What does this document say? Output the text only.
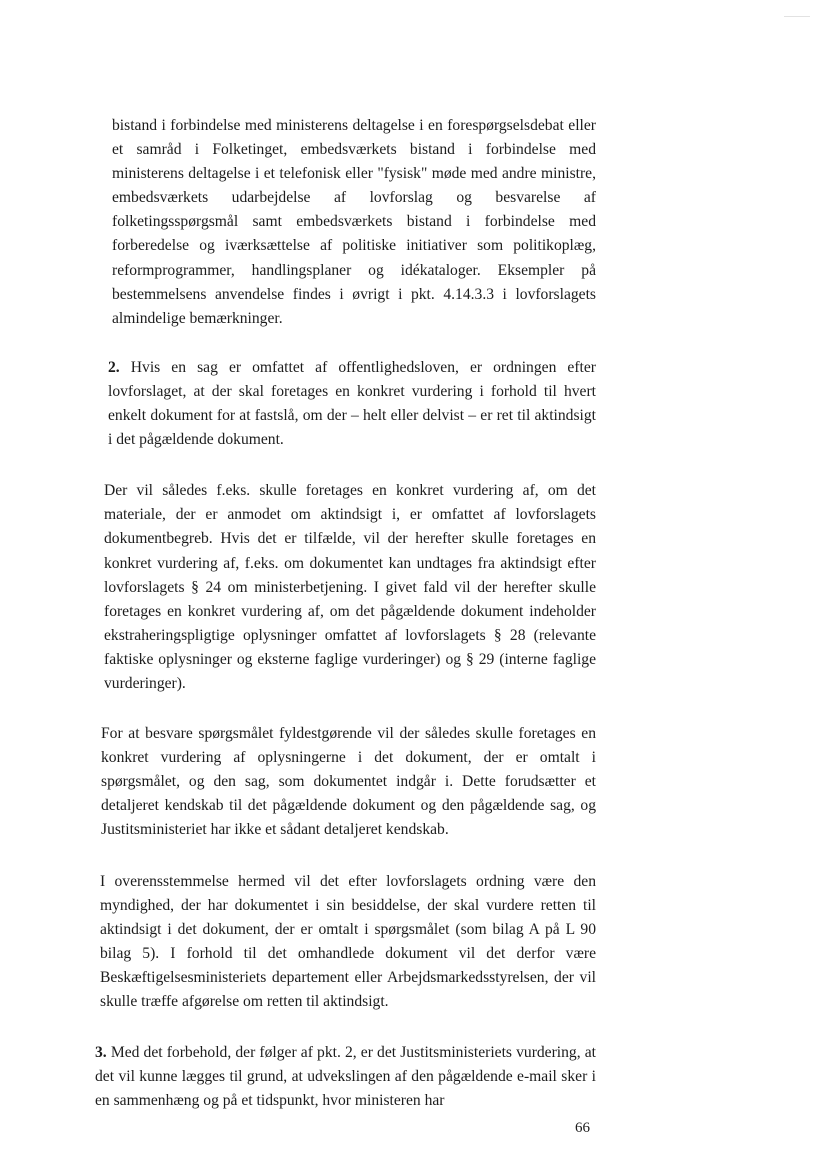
bistand i forbindelse med ministerens deltagelse i en forespørgselsdebat eller et samråd i Folketinget, embedsværkets bistand i forbindelse med ministerens deltagelse i et telefonisk eller "fysisk" møde med andre ministre, embedsværkets udarbejdelse af lovforslag og besvarelse af folketingsspørgsmål samt embedsværkets bistand i forbindelse med forberedelse og iværksættelse af politiske initiativer som politikoplæg, reformprogrammer, handlingsplaner og idékataloger. Eksempler på bestemmelsens anvendelse findes i øvrigt i pkt. 4.14.3.3 i lovforslagets almindelige bemærkninger.

2. Hvis en sag er omfattet af offentlighedsloven, er ordningen efter lovforslaget, at der skal foretages en konkret vurdering i forhold til hvert enkelt dokument for at fastslå, om der – helt eller delvist – er ret til aktindsigt i det pågældende dokument.

Der vil således f.eks. skulle foretages en konkret vurdering af, om det materiale, der er anmodet om aktindsigt i, er omfattet af lovforslagets dokumentbegreb. Hvis det er tilfælde, vil der herefter skulle foretages en konkret vurdering af, f.eks. om dokumentet kan undtages fra aktindsigt efter lovforslagets § 24 om ministerbetjening. I givet fald vil der herefter skulle foretages en konkret vurdering af, om det pågældende dokument indeholder ekstraheringspligtige oplysninger omfattet af lovforslagets § 28 (relevante faktiske oplysninger og eksterne faglige vurderinger) og § 29 (interne faglige vurderinger).

For at besvare spørgsmålet fyldestgørende vil der således skulle foretages en konkret vurdering af oplysningerne i det dokument, der er omtalt i spørgsmålet, og den sag, som dokumentet indgår i. Dette forudsætter et detaljeret kendskab til det pågældende dokument og den pågældende sag, og Justitsministeriet har ikke et sådant detaljeret kendskab.

I overensstemmelse hermed vil det efter lovforslagets ordning være den myndighed, der har dokumentet i sin besiddelse, der skal vurdere retten til aktindsigt i det dokument, der er omtalt i spørgsmålet (som bilag A på L 90 bilag 5). I forhold til det omhandlede dokument vil det derfor være Beskæftigelsesministeriets departement eller Arbejdsmarkedsstyrelsen, der vil skulle træffe afgørelse om retten til aktindsigt.

3. Med det forbehold, der følger af pkt. 2, er det Justitsministeriets vurdering, at det vil kunne lægges til grund, at udvekslingen af den pågældende e-mail sker i en sammenhæng og på et tidspunkt, hvor ministeren har

66
